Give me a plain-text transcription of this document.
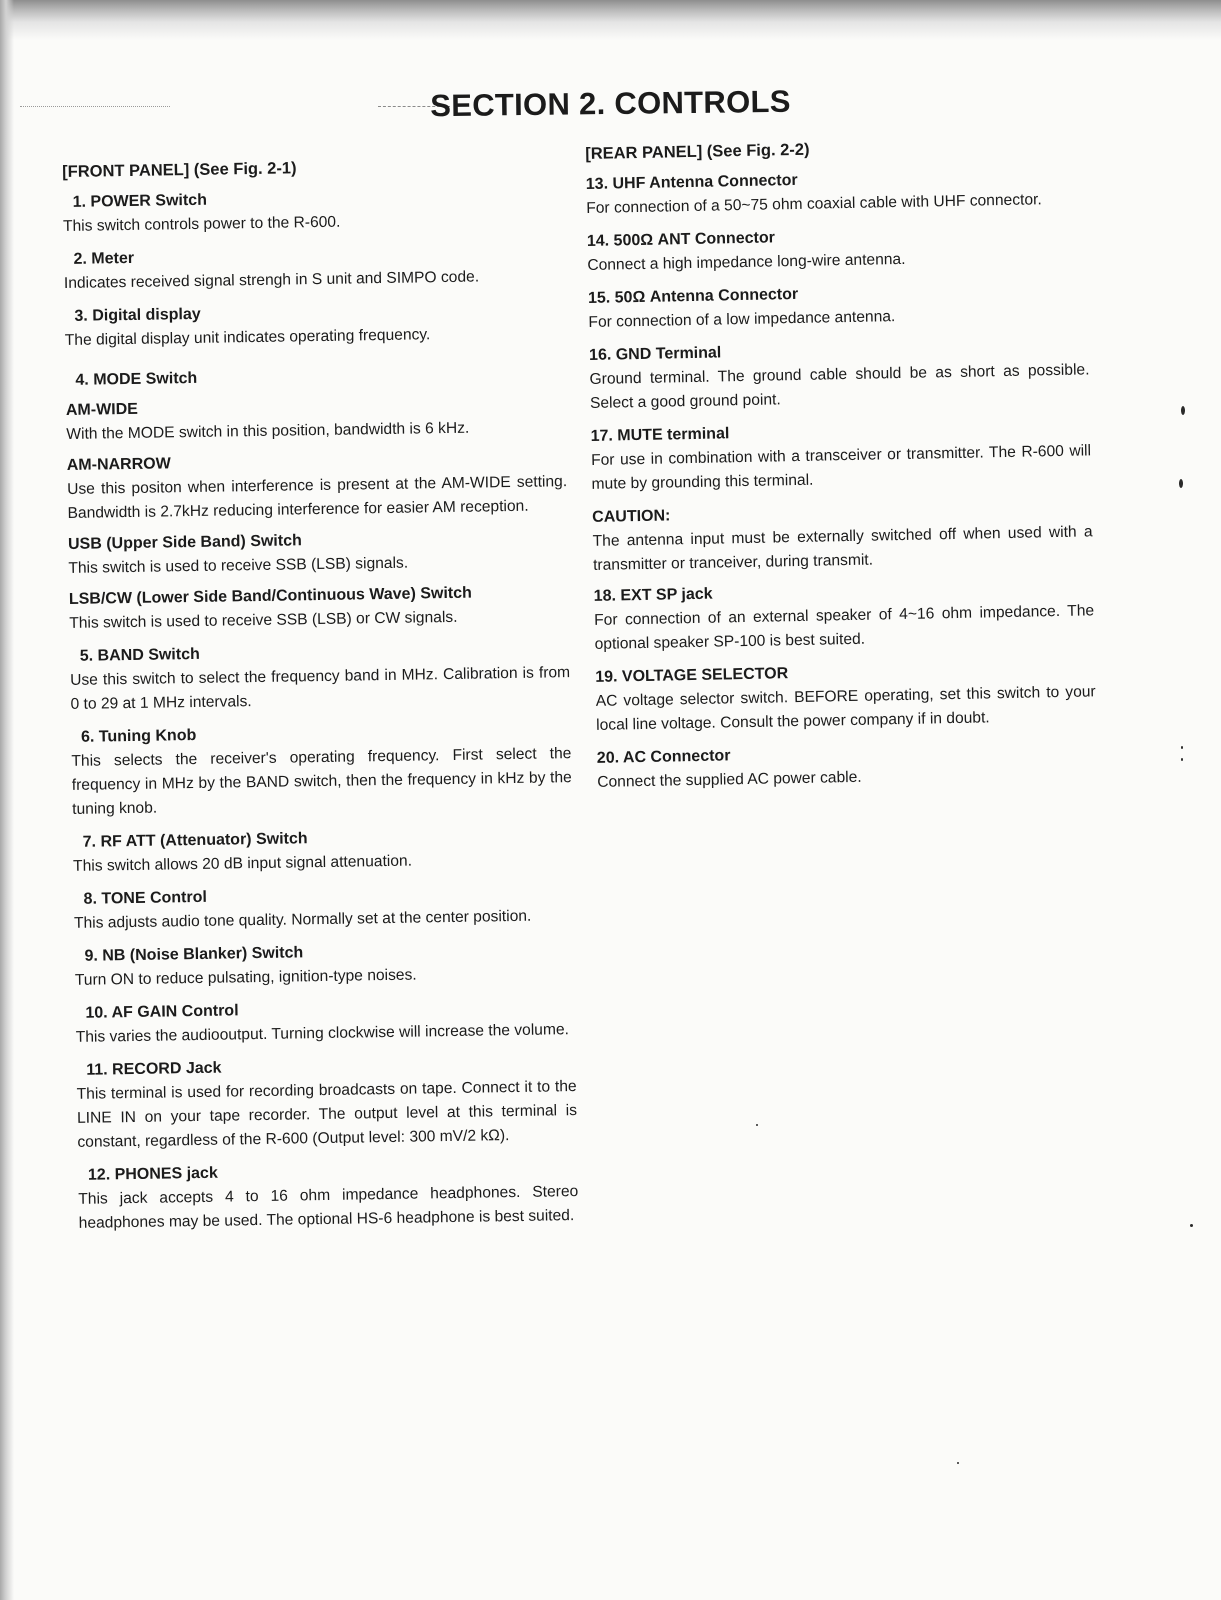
SECTION 2. CONTROLS
[FRONT PANEL] (See Fig. 2-1)
1. POWER Switch
This switch controls power to the R-600.
2. Meter
Indicates received signal strengh in S unit and SIMPO code.
3. Digital display
The digital display unit indicates operating frequency.
4. MODE Switch
AM-WIDE
With the MODE switch in this position, bandwidth is 6 kHz.
AM-NARROW
Use this positon when interference is present at the AM-WIDE setting. Bandwidth is 2.7kHz reducing interference for easier AM reception.
USB (Upper Side Band) Switch
This switch is used to receive SSB (LSB) signals.
LSB/CW (Lower Side Band/Continuous Wave) Switch
This switch is used to receive SSB (LSB) or CW signals.
5. BAND Switch
Use this switch to select the frequency band in MHz. Calibration is from 0 to 29 at 1 MHz intervals.
6. Tuning Knob
This selects the receiver's operating frequency. First select the frequency in MHz by the BAND switch, then the frequency in kHz by the tuning knob.
7. RF ATT (Attenuator) Switch
This switch allows 20 dB input signal attenuation.
8. TONE Control
This adjusts audio tone quality. Normally set at the center position.
9. NB (Noise Blanker) Switch
Turn ON to reduce pulsating, ignition-type noises.
10. AF GAIN Control
This varies the audiooutput. Turning clockwise will increase the volume.
11. RECORD Jack
This terminal is used for recording broadcasts on tape. Connect it to the LINE IN on your tape recorder. The output level at this terminal is constant, regardless of the R-600 (Output level: 300 mV/2 kΩ).
12. PHONES jack
This jack accepts 4 to 16 ohm impedance headphones. Stereo headphones may be used. The optional HS-6 headphone is best suited.
[REAR PANEL] (See Fig. 2-2)
13. UHF Antenna Connector
For connection of a 50~75 ohm coaxial cable with UHF connector.
14. 500Ω ANT Connector
Connect a high impedance long-wire antenna.
15. 50Ω Antenna Connector
For connection of a low impedance antenna.
16. GND Terminal
Ground terminal. The ground cable should be as short as possible. Select a good ground point.
17. MUTE terminal
For use in combination with a transceiver or transmitter. The R-600 will mute by grounding this terminal.
CAUTION:
The antenna input must be externally switched off when used with a transmitter or tranceiver, during transmit.
18. EXT SP jack
For connection of an external speaker of 4~16 ohm impedance. The optional speaker SP-100 is best suited.
19. VOLTAGE SELECTOR
AC voltage selector switch. BEFORE operating, set this switch to your local line voltage. Consult the power company if in doubt.
20. AC Connector
Connect the supplied AC power cable.
